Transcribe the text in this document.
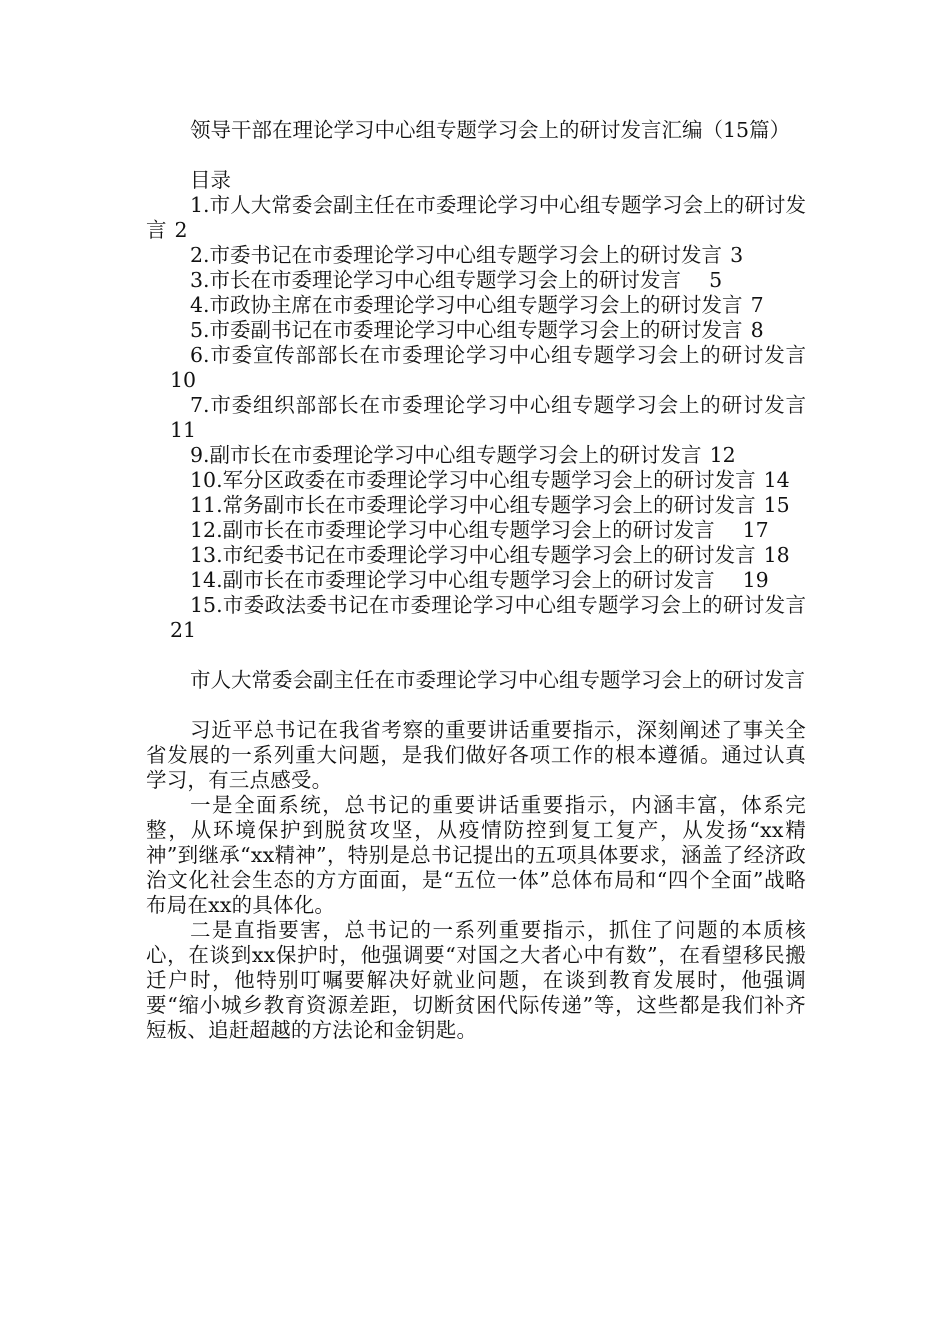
领导干部在理论学习中心组专题学习会上的研讨发言汇编（15篇）

目录

1.市人大常委会副主任在市委理论学习中心组专题学习会上的研讨发言 2

2.市委书记在市委理论学习中心组专题学习会上的研讨发言 3

3.市长在市委理论学习中心组专题学习会上的研讨发言 5

4.市政协主席在市委理论学习中心组专题学习会上的研讨发言 7

5.市委副书记在市委理论学习中心组专题学习会上的研讨发言 8

6.市委宣传部部长在市委理论学习中心组专题学习会上的研讨发言10

7.市委组织部部长在市委理论学习中心组专题学习会上的研讨发言11

9.副市长在市委理论学习中心组专题学习会上的研讨发言 12

10.军分区政委在市委理论学习中心组专题学习会上的研讨发言 14

11.常务副市长在市委理论学习中心组专题学习会上的研讨发言 15

12.副市长在市委理论学习中心组专题学习会上的研讨发言 17

13.市纪委书记在市委理论学习中心组专题学习会上的研讨发言 18

14.副市长在市委理论学习中心组专题学习会上的研讨发言 19

15.市委政法委书记在市委理论学习中心组专题学习会上的研讨发言21

市人大常委会副主任在市委理论学习中心组专题学习会上的研讨发言

习近平总书记在我省考察的重要讲话重要指示，深刻阐述了事关全省发展的一系列重大问题，是我们做好各项工作的根本遵循。通过认真学习，有三点感受。

一是全面系统，总书记的重要讲话重要指示，内涵丰富，体系完整，从环境保护到脱贫攻坚，从疫情防控到复工复产，从发扬“xx精神”到继承“xx精神”，特别是总书记提出的五项具体要求，涵盖了经济政治文化社会生态的方方面面，是“五位一体”总体布局和“四个全面”战略布局在xx的具体化。

二是直指要害，总书记的一系列重要指示，抓住了问题的本质核心，在谈到xx保护时，他强调要“对国之大者心中有数”，在看望移民搬迁户时，他特别叮嘱要解决好就业问题，在谈到教育发展时，他强调要“缩小城乡教育资源差距，切断贫困代际传递”等，这些都是我们补齐短板、追赶超越的方法论和金钥匙。
